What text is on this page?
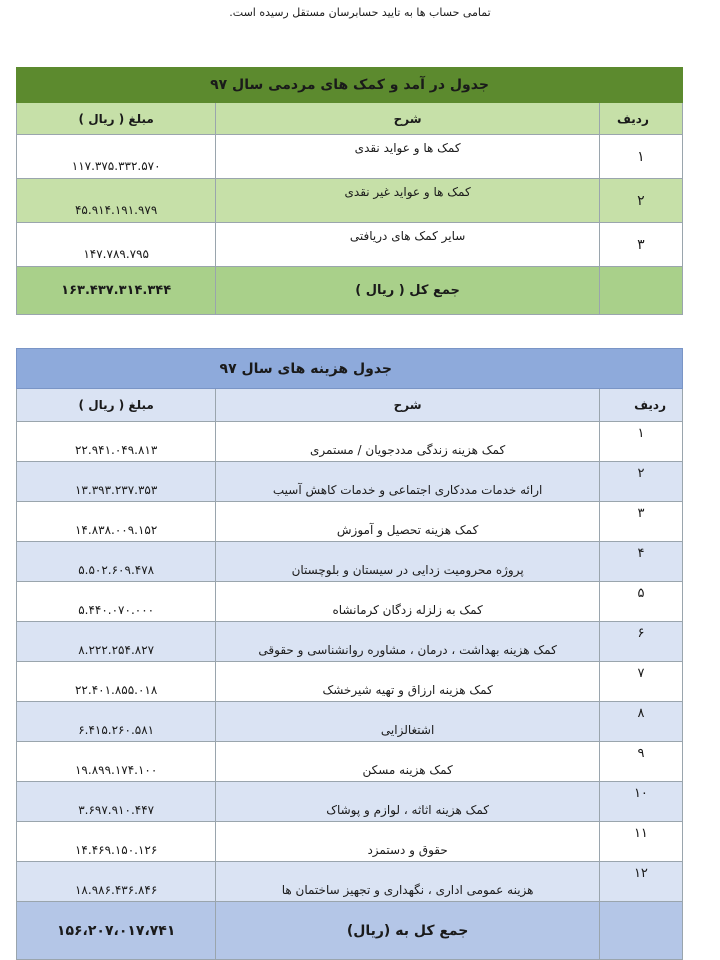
تمامی حساب ها به تایید حسابرسان مستقل رسیده است.
جدول در آمد و کمک های مردمی سال ۹۷		
ردیف	شرح	مبلغ ( ریال )
۱	کمک ها و عواید نقدی	۱۱۷.۳۷۵.۳۳۲.۵۷۰
۲	کمک ها و عواید غیر نقدی	۴۵.۹۱۴.۱۹۱.۹۷۹
۳	سایر کمک های دریافتی	۱۴۷.۷۸۹.۷۹۵
	جمع کل ( ریال )	۱۶۳.۴۳۷.۳۱۴.۳۴۴
جدول هزینه های سال ۹۷		
ردیف	شرح	مبلغ ( ریال )
۱	کمک هزینه زندگی مددجویان / مستمری	۲۲.۹۴۱.۰۴۹.۸۱۳
۲	ارائه خدمات مددکاری اجتماعی و خدمات کاهش آسیب	۱۳.۳۹۳.۲۳۷.۳۵۳
۳	کمک هزینه تحصیل و آموزش	۱۴.۸۳۸.۰۰۹.۱۵۲
۴	پروژه محرومیت زدایی در سیستان و بلوچستان	۵.۵۰۲.۶۰۹.۴۷۸
۵	کمک به زلزله زدگان کرمانشاه	۵.۴۴۰.۰۷۰.۰۰۰
۶	کمک هزینه بهداشت ، درمان ، مشاوره روانشناسی و حقوقی	۸.۲۲۲.۲۵۴.۸۲۷
۷	کمک هزینه ارزاق و تهیه شیرخشک	۲۲.۴۰۱.۸۵۵.۰۱۸
۸	اشتغالزایی	۶.۴۱۵.۲۶۰.۵۸۱
۹	کمک هزینه مسکن	۱۹.۸۹۹.۱۷۴.۱۰۰
۱۰	کمک هزینه اثاثه ، لوازم و پوشاک	۳.۶۹۷.۹۱۰.۴۴۷
۱۱	حقوق و دستمزد	۱۴.۴۶۹.۱۵۰.۱۲۶
۱۲	هزینه عمومی اداری ، نگهداری و تجهیز ساختمان ها	۱۸.۹۸۶.۴۳۶.۸۴۶
	جمع کل به (ریال)	۱۵۶،۲۰۷،۰۱۷،۷۴۱
